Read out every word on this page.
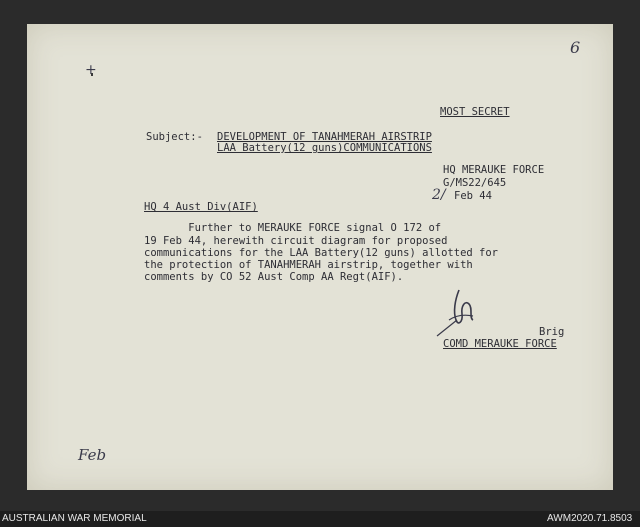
6
+

MOST SECRET

Subject:- DEVELOPMENT OF TANAHMERAH AIRSTRIP

LAA Battery(12 guns)COMMUNICATIONS

HQ MERAUKE FORCE

G/MS22/645

2/ Feb 44

HQ 4 Aust Div(AIF)

Further to MERAUKE FORCE signal O 172 of

19 Feb 44, herewith circuit diagram for proposed

communications for the LAA Battery(12 guns) allotted for

the protection of TANAHMERAH airstrip, together with

comments by CO 52 Aust Comp AA Regt(AIF).

Brig

COMD MERAUKE FORCE

Feb
AUSTRALIAN WAR MEMORIAL	AWM2020.71.8503
